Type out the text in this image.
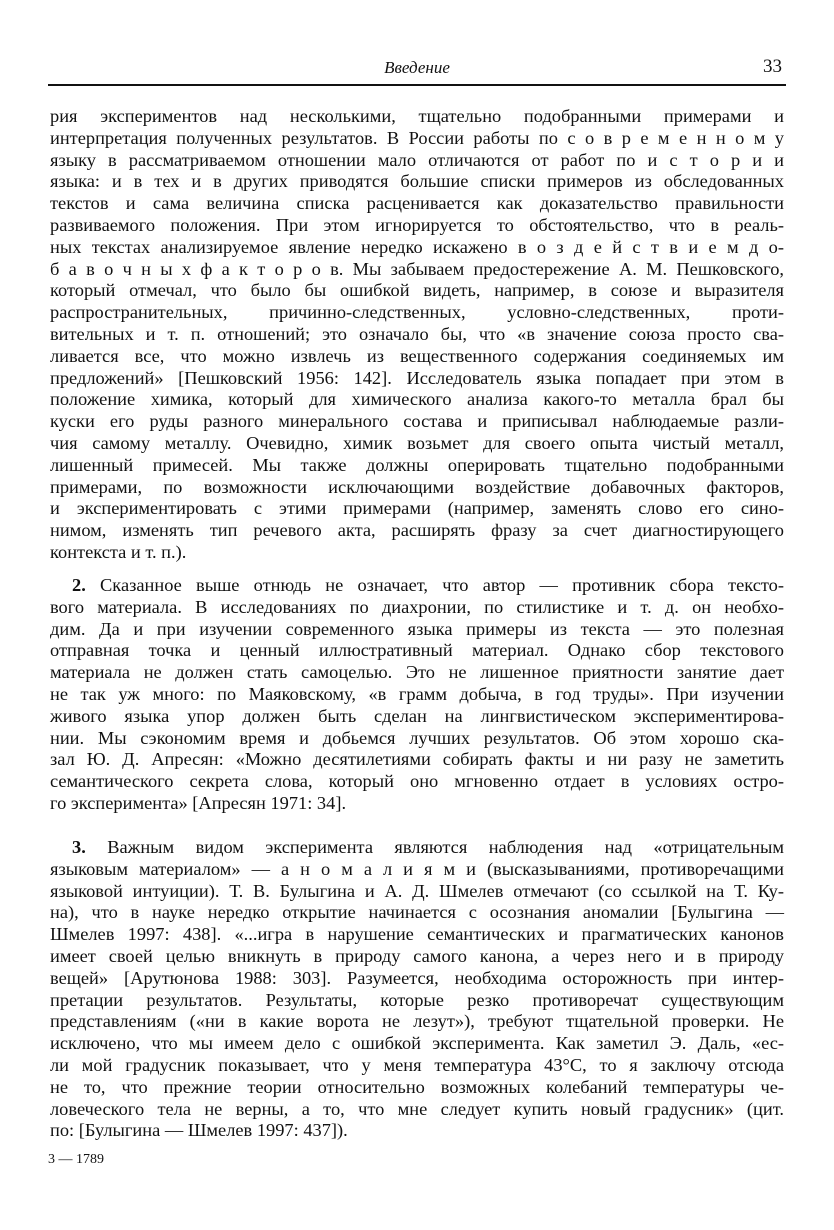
Введение	33
рия экспериментов над несколькими, тщательно подобранными примерами и
интерпретация полученных результатов. В России работы по с о в р е м е н н о м у
языку в рассматриваемом отношении мало отличаются от работ по и с т о р и и
языка: и в тех и в других приводятся большие списки примеров из обследованных
текстов и сама величина списка расценивается как доказательство правильности
развиваемого положения. При этом игнорируется то обстоятельство, что в реаль-
ных текстах анализируемое явление нередко искажено в о з д е й с т в и е м д о-
б а в о ч н ы х ф а к т о р о в. Мы забываем предостережение А. М. Пешковского,
который отмечал, что было бы ошибкой видеть, например, в союзе и выразителя
распространительных, причинно-следственных, условно-следственных, проти-
вительных и т. п. отношений; это означало бы, что «в значение союза просто сва-
ливается все, что можно извлечь из вещественного содержания соединяемых им
предложений» [Пешковский 1956: 142]. Исследователь языка попадает при этом в
положение химика, который для химического анализа какого-то металла брал бы
куски его руды разного минерального состава и приписывал наблюдаемые разли-
чия самому металлу. Очевидно, химик возьмет для своего опыта чистый металл,
лишенный примесей. Мы также должны оперировать тщательно подобранными
примерами, по возможности исключающими воздействие добавочных факторов,
и экспериментировать с этими примерами (например, заменять слово его сино-
нимом, изменять тип речевого акта, расширять фразу за счет диагностирующего
контекста и т. п.).
2. Сказанное выше отнюдь не означает, что автор — противник сбора тексто-
вого материала. В исследованиях по диахронии, по стилистике и т. д. он необхо-
дим. Да и при изучении современного языка примеры из текста — это полезная
отправная точка и ценный иллюстративный материал. Однако сбор текстового
материала не должен стать самоцелью. Это не лишенное приятности занятие дает
не так уж много: по Маяковскому, «в грамм добыча, в год труды». При изучении
живого языка упор должен быть сделан на лингвистическом экспериментирова-
нии. Мы сэкономим время и добьемся лучших результатов. Об этом хорошо ска-
зал Ю. Д. Апресян: «Можно десятилетиями собирать факты и ни разу не заметить
семантического секрета слова, который оно мгновенно отдает в условиях остро-
го эксперимента» [Апресян 1971: 34].
3. Важным видом эксперимента являются наблюдения над «отрицательным
языковым материалом» — а н о м а л и я м и (высказываниями, противоречащими
языковой интуиции). Т. В. Булыгина и А. Д. Шмелев отмечают (со ссылкой на Т. Ку-
на), что в науке нередко открытие начинается с осознания аномалии [Булыгина —
Шмелев 1997: 438]. «...игра в нарушение семантических и прагматических канонов
имеет своей целью вникнуть в природу самого канона, а через него и в природу
вещей» [Арутюнова 1988: 303]. Разумеется, необходима осторожность при интер-
претации результатов. Результаты, которые резко противоречат существующим
представлениям («ни в какие ворота не лезут»), требуют тщательной проверки. Не
исключено, что мы имеем дело с ошибкой эксперимента. Как заметил Э. Даль, «ес-
ли мой градусник показывает, что у меня температура 43°С, то я заключу отсюда
не то, что прежние теории относительно возможных колебаний температуры че-
ловеческого тела не верны, а то, что мне следует купить новый градусник» (цит.
по: [Булыгина — Шмелев 1997: 437]).
3 — 1789
